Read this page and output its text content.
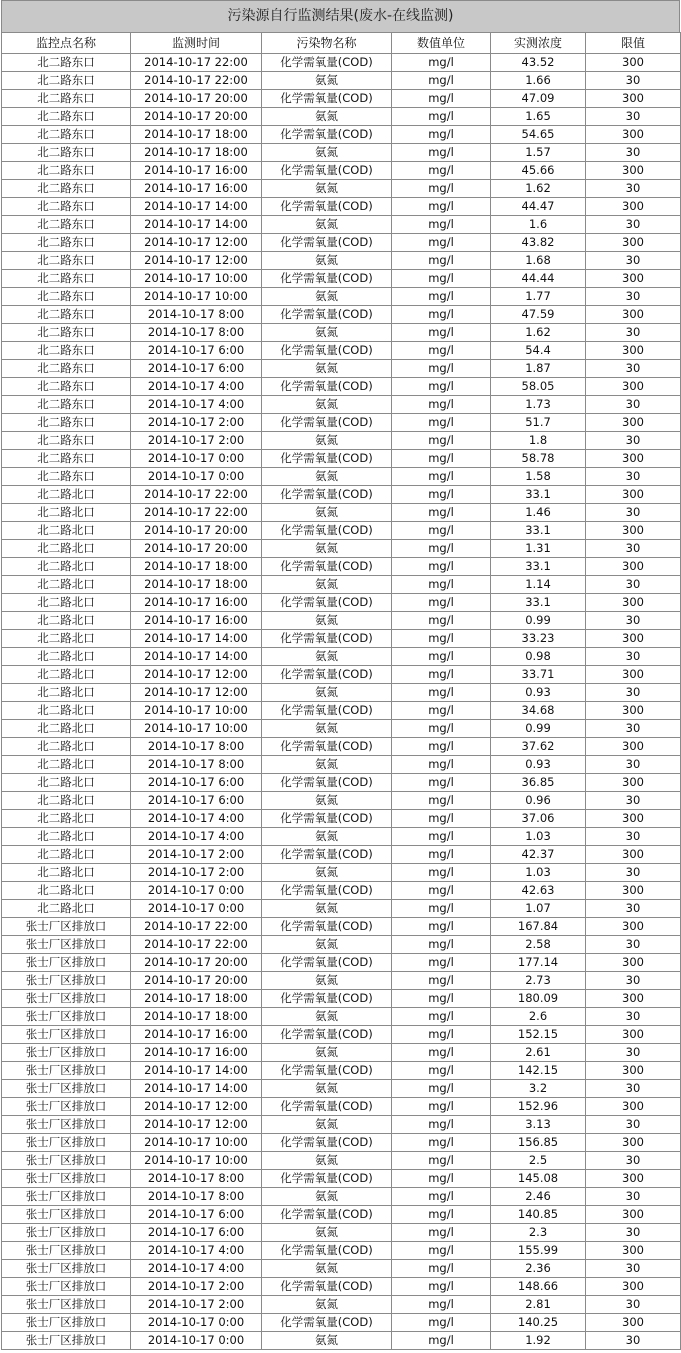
污染源自行监测结果(废水-在线监测)
监控点名称	监测时间	污染物名称	数值单位	实测浓度	限值
北二路东口	2014-10-17 22:00	化学需氧量(COD)	mg/l	43.52	300
北二路东口	2014-10-17 22:00	氨氮	mg/l	1.66	30
北二路东口	2014-10-17 20:00	化学需氧量(COD)	mg/l	47.09	300
北二路东口	2014-10-17 20:00	氨氮	mg/l	1.65	30
北二路东口	2014-10-17 18:00	化学需氧量(COD)	mg/l	54.65	300
北二路东口	2014-10-17 18:00	氨氮	mg/l	1.57	30
北二路东口	2014-10-17 16:00	化学需氧量(COD)	mg/l	45.66	300
北二路东口	2014-10-17 16:00	氨氮	mg/l	1.62	30
北二路东口	2014-10-17 14:00	化学需氧量(COD)	mg/l	44.47	300
北二路东口	2014-10-17 14:00	氨氮	mg/l	1.6	30
北二路东口	2014-10-17 12:00	化学需氧量(COD)	mg/l	43.82	300
北二路东口	2014-10-17 12:00	氨氮	mg/l	1.68	30
北二路东口	2014-10-17 10:00	化学需氧量(COD)	mg/l	44.44	300
北二路东口	2014-10-17 10:00	氨氮	mg/l	1.77	30
北二路东口	2014-10-17 8:00	化学需氧量(COD)	mg/l	47.59	300
北二路东口	2014-10-17 8:00	氨氮	mg/l	1.62	30
北二路东口	2014-10-17 6:00	化学需氧量(COD)	mg/l	54.4	300
北二路东口	2014-10-17 6:00	氨氮	mg/l	1.87	30
北二路东口	2014-10-17 4:00	化学需氧量(COD)	mg/l	58.05	300
北二路东口	2014-10-17 4:00	氨氮	mg/l	1.73	30
北二路东口	2014-10-17 2:00	化学需氧量(COD)	mg/l	51.7	300
北二路东口	2014-10-17 2:00	氨氮	mg/l	1.8	30
北二路东口	2014-10-17 0:00	化学需氧量(COD)	mg/l	58.78	300
北二路东口	2014-10-17 0:00	氨氮	mg/l	1.58	30
北二路北口	2014-10-17 22:00	化学需氧量(COD)	mg/l	33.1	300
北二路北口	2014-10-17 22:00	氨氮	mg/l	1.46	30
北二路北口	2014-10-17 20:00	化学需氧量(COD)	mg/l	33.1	300
北二路北口	2014-10-17 20:00	氨氮	mg/l	1.31	30
北二路北口	2014-10-17 18:00	化学需氧量(COD)	mg/l	33.1	300
北二路北口	2014-10-17 18:00	氨氮	mg/l	1.14	30
北二路北口	2014-10-17 16:00	化学需氧量(COD)	mg/l	33.1	300
北二路北口	2014-10-17 16:00	氨氮	mg/l	0.99	30
北二路北口	2014-10-17 14:00	化学需氧量(COD)	mg/l	33.23	300
北二路北口	2014-10-17 14:00	氨氮	mg/l	0.98	30
北二路北口	2014-10-17 12:00	化学需氧量(COD)	mg/l	33.71	300
北二路北口	2014-10-17 12:00	氨氮	mg/l	0.93	30
北二路北口	2014-10-17 10:00	化学需氧量(COD)	mg/l	34.68	300
北二路北口	2014-10-17 10:00	氨氮	mg/l	0.99	30
北二路北口	2014-10-17 8:00	化学需氧量(COD)	mg/l	37.62	300
北二路北口	2014-10-17 8:00	氨氮	mg/l	0.93	30
北二路北口	2014-10-17 6:00	化学需氧量(COD)	mg/l	36.85	300
北二路北口	2014-10-17 6:00	氨氮	mg/l	0.96	30
北二路北口	2014-10-17 4:00	化学需氧量(COD)	mg/l	37.06	300
北二路北口	2014-10-17 4:00	氨氮	mg/l	1.03	30
北二路北口	2014-10-17 2:00	化学需氧量(COD)	mg/l	42.37	300
北二路北口	2014-10-17 2:00	氨氮	mg/l	1.03	30
北二路北口	2014-10-17 0:00	化学需氧量(COD)	mg/l	42.63	300
北二路北口	2014-10-17 0:00	氨氮	mg/l	1.07	30
张士厂区排放口	2014-10-17 22:00	化学需氧量(COD)	mg/l	167.84	300
张士厂区排放口	2014-10-17 22:00	氨氮	mg/l	2.58	30
张士厂区排放口	2014-10-17 20:00	化学需氧量(COD)	mg/l	177.14	300
张士厂区排放口	2014-10-17 20:00	氨氮	mg/l	2.73	30
张士厂区排放口	2014-10-17 18:00	化学需氧量(COD)	mg/l	180.09	300
张士厂区排放口	2014-10-17 18:00	氨氮	mg/l	2.6	30
张士厂区排放口	2014-10-17 16:00	化学需氧量(COD)	mg/l	152.15	300
张士厂区排放口	2014-10-17 16:00	氨氮	mg/l	2.61	30
张士厂区排放口	2014-10-17 14:00	化学需氧量(COD)	mg/l	142.15	300
张士厂区排放口	2014-10-17 14:00	氨氮	mg/l	3.2	30
张士厂区排放口	2014-10-17 12:00	化学需氧量(COD)	mg/l	152.96	300
张士厂区排放口	2014-10-17 12:00	氨氮	mg/l	3.13	30
张士厂区排放口	2014-10-17 10:00	化学需氧量(COD)	mg/l	156.85	300
张士厂区排放口	2014-10-17 10:00	氨氮	mg/l	2.5	30
张士厂区排放口	2014-10-17 8:00	化学需氧量(COD)	mg/l	145.08	300
张士厂区排放口	2014-10-17 8:00	氨氮	mg/l	2.46	30
张士厂区排放口	2014-10-17 6:00	化学需氧量(COD)	mg/l	140.85	300
张士厂区排放口	2014-10-17 6:00	氨氮	mg/l	2.3	30
张士厂区排放口	2014-10-17 4:00	化学需氧量(COD)	mg/l	155.99	300
张士厂区排放口	2014-10-17 4:00	氨氮	mg/l	2.36	30
张士厂区排放口	2014-10-17 2:00	化学需氧量(COD)	mg/l	148.66	300
张士厂区排放口	2014-10-17 2:00	氨氮	mg/l	2.81	30
张士厂区排放口	2014-10-17 0:00	化学需氧量(COD)	mg/l	140.25	300
张士厂区排放口	2014-10-17 0:00	氨氮	mg/l	1.92	30
